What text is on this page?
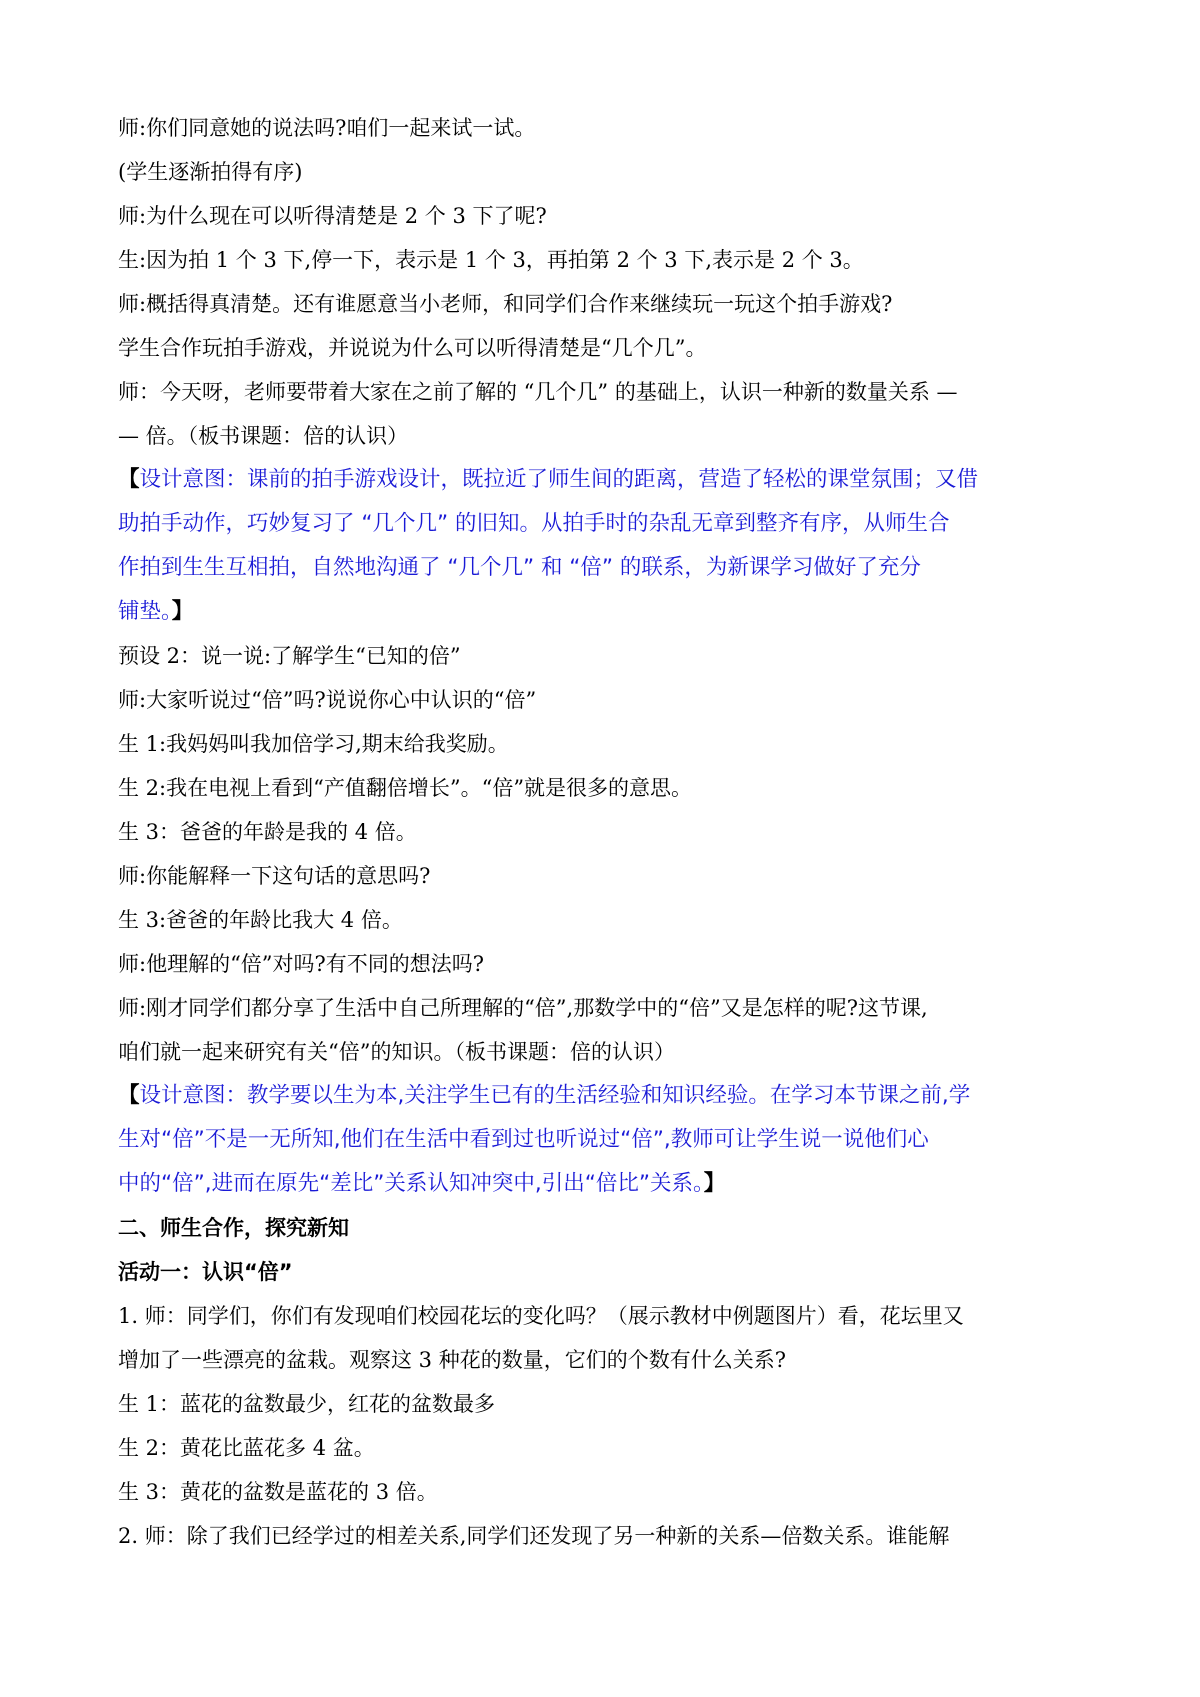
师:你们同意她的说法吗?咱们一起来试一试。
(学生逐渐拍得有序)
师:为什么现在可以听得清楚是 2 个 3 下了呢?
生:因为拍 1 个 3 下,停一下，表示是 1 个 3，再拍第 2 个 3 下,表示是 2 个 3。
师:概括得真清楚。还有谁愿意当小老师，和同学们合作来继续玩一玩这个拍手游戏?
学生合作玩拍手游戏，并说说为什么可以听得清楚是“几个几”。
师：今天呀，老师要带着大家在之前了解的 “几个几” 的基础上，认识一种新的数量关系 —
— 倍。（板书课题：倍的认识）
【设计意图：课前的拍手游戏设计，既拉近了师生间的距离，营造了轻松的课堂氛围；又借
助拍手动作，巧妙复习了 “几个几” 的旧知。从拍手时的杂乱无章到整齐有序，从师生合
作拍到生生互相拍，自然地沟通了 “几个几” 和 “倍” 的联系，为新课学习做好了充分
铺垫。】
预设 2：说一说:了解学生“已知的倍”
师:大家听说过“倍”吗?说说你心中认识的“倍”
生 1:我妈妈叫我加倍学习,期末给我奖励。
生 2:我在电视上看到“产值翻倍增长”。“倍”就是很多的意思。
生 3：爸爸的年龄是我的 4 倍。
师:你能解释一下这句话的意思吗?
生 3:爸爸的年龄比我大 4 倍。
师:他理解的“倍”对吗?有不同的想法吗?
师:刚才同学们都分享了生活中自己所理解的“倍”,那数学中的“倍”又是怎样的呢?这节课,
咱们就一起来研究有关“倍”的知识。（板书课题：倍的认识）
【设计意图：教学要以生为本,关注学生已有的生活经验和知识经验。在学习本节课之前,学
生对“倍”不是一无所知,他们在生活中看到过也听说过“倍”,教师可让学生说一说他们心
中的“倍”,进而在原先“差比”关系认知冲突中,引出“倍比”关系。】
二、师生合作，探究新知
活动一：认识“倍”
1. 师：同学们，你们有发现咱们校园花坛的变化吗？（展示教材中例题图片）看，花坛里又
增加了一些漂亮的盆栽。观察这 3 种花的数量，它们的个数有什么关系?
生 1：蓝花的盆数最少，红花的盆数最多
生 2：黄花比蓝花多 4 盆。
生 3：黄花的盆数是蓝花的 3 倍。
2. 师：除了我们已经学过的相差关系,同学们还发现了另一种新的关系—倍数关系。谁能解
